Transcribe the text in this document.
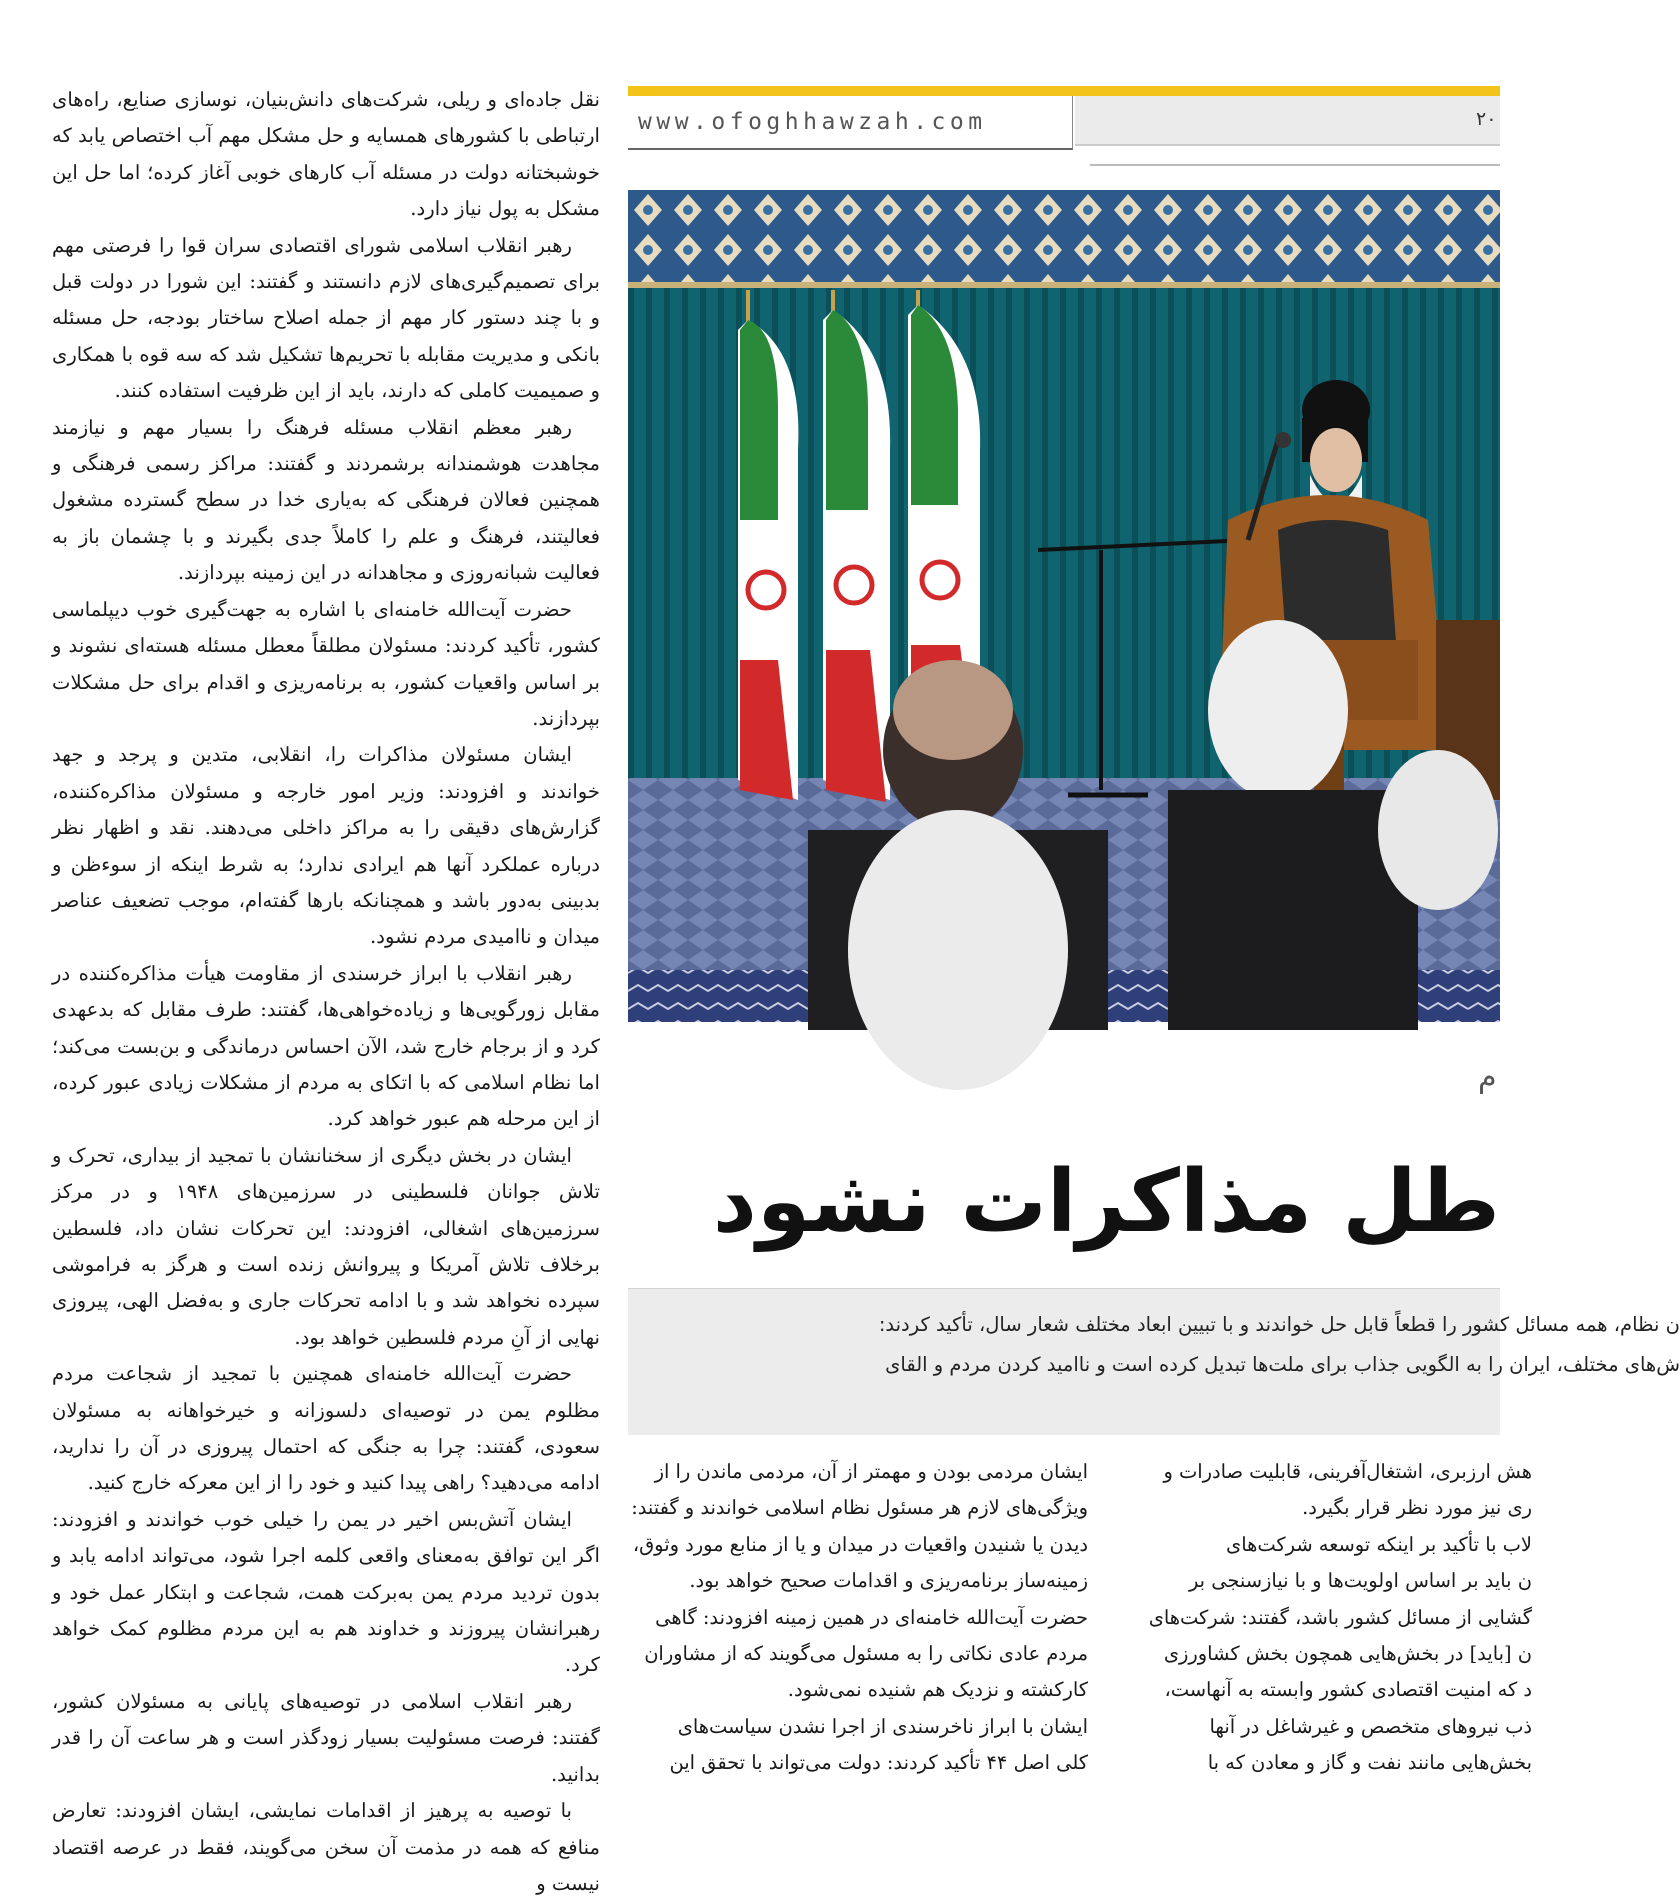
نقل جاده‌ای و ریلی، شرکت‌های دانش‌بنیان، نوسازی صنایع، راه‌های ارتباطی با کشورهای همسایه و حل مشکل مهم آب اختصاص یابد که خوشبختانه دولت در مسئله آب کارهای خوبی آغاز کرده؛ اما حل این مشکل به پول نیاز دارد.

رهبر انقلاب اسلامی شورای اقتصادی سران قوا را فرصتی مهم برای تصمیم‌گیری‌های لازم دانستند و گفتند: این شورا در دولت قبل و با چند دستور کار مهم از جمله اصلاح ساختار بودجه، حل مسئله بانکی و مدیریت مقابله با تحریم‌ها تشکیل شد که سه قوه با همکاری و صمیمیت کاملی که دارند، باید از این ظرفیت استفاده کنند.

رهبر معظم انقلاب مسئله فرهنگ را بسیار مهم و نیازمند مجاهدت هوشمندانه برشمردند و گفتند: مراکز رسمی فرهنگی و همچنین فعالان فرهنگی که به‌یاری خدا در سطح گسترده مشغول فعالیتند، فرهنگ و علم را کاملاً جدی بگیرند و با چشمان باز به فعالیت شبانه‌روزی و مجاهدانه در این زمینه بپردازند.

حضرت آیت‌الله خامنه‌ای با اشاره به جهت‌گیری خوب دیپلماسی کشور، تأکید کردند: مسئولان مطلقاً معطل مسئله هسته‌ای نشوند و بر اساس واقعیات کشور، به برنامه‌ریزی و اقدام برای حل مشکلات بپردازند.

ایشان مسئولان مذاکرات را، انقلابی، متدین و پرجد و جهد خواندند و افزودند: وزیر امور خارجه و مسئولان مذاکره‌کننده، گزارش‌های دقیقی را به مراکز داخلی می‌دهند. نقد و اظهار نظر درباره عملکرد آنها هم ایرادی ندارد؛ به شرط اینکه از سوءظن و بدبینی به‌دور باشد و همچنانکه بارها گفته‌ام، موجب تضعیف عناصر میدان و ناامیدی مردم نشود.

رهبر انقلاب با ابراز خرسندی از مقاومت هیأت مذاکره‌کننده در مقابل زورگویی‌ها و زیاده‌خواهی‌ها، گفتند: طرف مقابل که بدعهدی کرد و از برجام خارج شد، الآن احساس درماندگی و بن‌بست می‌کند؛ اما نظام اسلامی که با اتکای به مردم از مشکلات زیادی عبور کرده، از این مرحله هم عبور خواهد کرد.

ایشان در بخش دیگری از سخنانشان با تمجید از بیداری، تحرک و تلاش جوانان فلسطینی در سرزمین‌های ۱۹۴۸ و در مرکز سرزمین‌های اشغالی، افزودند: این تحرکات نشان داد، فلسطین برخلاف تلاش آمریکا و پیروانش زنده است و هرگز به فراموشی سپرده نخواهد شد و با ادامه تحرکات جاری و به‌فضل الهی، پیروزی نهایی از آنِ مردم فلسطین خواهد بود.

حضرت آیت‌الله خامنه‌ای همچنین با تمجید از شجاعت مردم مظلوم یمن در توصیه‌ای دلسوزانه و خیرخواهانه به مسئولان سعودی، گفتند: چرا به جنگی که احتمال پیروزی در آن را ندارید، ادامه می‌دهید؟ راهی پیدا کنید و خود را از این معرکه خارج کنید.

ایشان آتش‌بس اخیر در یمن را خیلی خوب خواندند و افزودند: اگر این توافق به‌معنای واقعی کلمه اجرا شود، می‌تواند ادامه یابد و بدون تردید مردم یمن به‌برکت همت، شجاعت و ابتکار عمل خود و رهبرانشان پیروزند و خداوند هم به این مردم مظلوم کمک خواهد کرد.

رهبر انقلاب اسلامی در توصیه‌های پایانی به مسئولان کشور، گفتند: فرصت مسئولیت بسیار زودگذر است و هر ساعت آن را قدر بدانید.

با توصیه به پرهیز از اقدامات نمایشی، ایشان افزودند: تعارض منافع که همه در مذمت آن سخن می‌گویند، فقط در عرصه اقتصاد نیست و

www.ofoghhawzah.com	۲۰
م
طل مذاکرات نشود

ن نظام، همه مسائل کشور را قطعاً قابل حل خواندند و با تبیین ابعاد مختلف شعار سال، تأکید کردند:

ش‌های مختلف، ایران را به الگویی جذاب برای ملت‌ها تبدیل کرده است و ناامید کردن مردم و القای

ایشان مردمی بودن و مهمتر از آن، مردمی ماندن را از

ویژگی‌های لازم هر مسئول نظام اسلامی خواندند و گفتند:

دیدن یا شنیدن واقعیات در میدان و یا از منابع مورد وثوق،

زمینه‌ساز برنامه‌ریزی و اقدامات صحیح خواهد بود.

حضرت آیت‌الله خامنه‌ای در همین زمینه افزودند: گاهی

مردم عادی نکاتی را به مسئول می‌گویند که از مشاوران

کارکشته و نزدیک هم شنیده نمی‌شود.

ایشان با ابراز ناخرسندی از اجرا نشدن سیاست‌های

کلی اصل ۴۴ تأکید کردند: دولت می‌تواند با تحقق این

هش ارزبری، اشتغال‌آفرینی، قابلیت صادرات و

ری نیز مورد نظر قرار بگیرد.

لاب با تأکید بر اینکه توسعه شرکت‌های

ن باید بر اساس اولویت‌ها و با نیازسنجی بر

گشایی از مسائل کشور باشد، گفتند: شرکت‌های

ن [باید] در بخش‌هایی همچون بخش کشاورزی

د که امنیت اقتصادی کشور وابسته به آنهاست،

ذب نیروهای متخصص و غیرشاغل در آنها

بخش‌هایی مانند نفت و گاز و معادن که با
